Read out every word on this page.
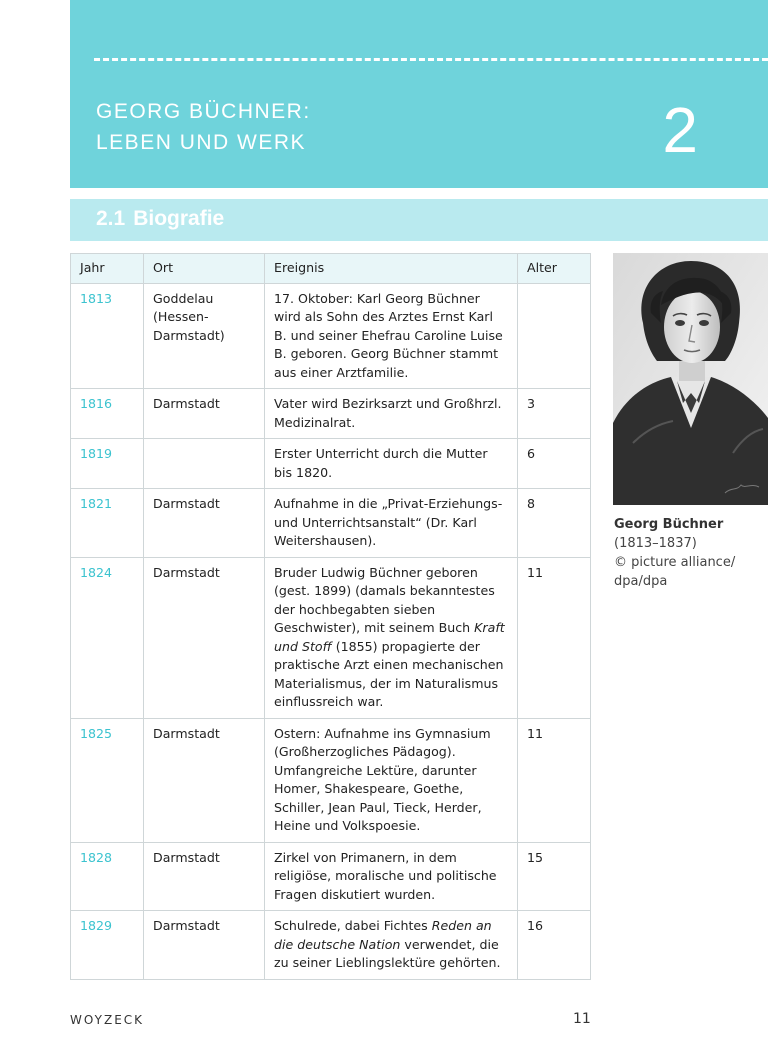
GEORG BÜCHNER:
LEBEN UND WERK	2
2.1 Biografie
Jahr	Ort	Ereignis	Alter
1813	Goddelau (Hessen-Darmstadt)	17. Oktober: Karl Georg Büchner wird als Sohn des Arztes Ernst Karl B. und seiner Ehefrau Caroline Luise B. geboren. Georg Büchner stammt aus einer Arztfamilie.	
1816	Darmstadt	Vater wird Bezirksarzt und Großhrzl. Medizinalrat.	3
1819		Erster Unterricht durch die Mutter bis 1820.	6
1821	Darmstadt	Aufnahme in die „Privat-Erziehungs- und Unterrichtsanstalt“ (Dr. Karl Weitershausen).	8
1824	Darmstadt	Bruder Ludwig Büchner geboren (gest. 1899) (damals bekanntestes der hochbegabten sieben Geschwister), mit seinem Buch Kraft und Stoff (1855) propagierte der praktische Arzt einen mechanischen Materialismus, der im Naturalismus einflussreich war.	11
1825	Darmstadt	Ostern: Aufnahme ins Gymnasium (Großherzogliches Pädagog). Umfangreiche Lektüre, darunter Homer, Shakespeare, Goethe, Schiller, Jean Paul, Tieck, Herder, Heine und Volkspoesie.	11
1828	Darmstadt	Zirkel von Primanern, in dem religiöse, moralische und politische Fragen diskutiert wurden.	15
1829	Darmstadt	Schulrede, dabei Fichtes Reden an die deutsche Nation verwendet, die zu seiner Lieblingslektüre gehörten.	16
Georg Büchner
(1813–1837)
© picture alliance/ dpa/dpa
WOYZECK	11
